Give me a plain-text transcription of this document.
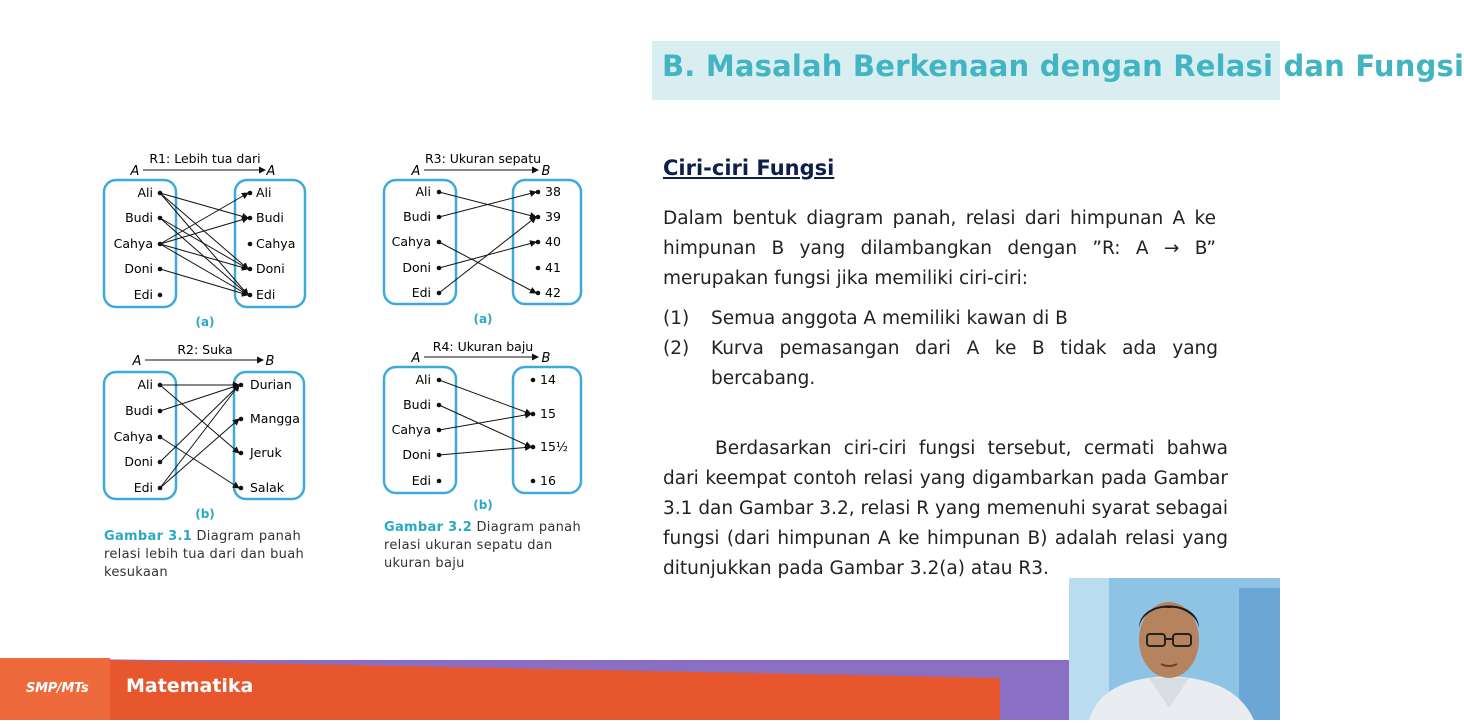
B. Masalah Berkenaan dengan Relasi dan Fungsi
A
R1: Lebih tua dari
A
Ali
Budi
Cahya
Doni
Edi
Ali
Budi
Cahya
Doni
Edi
(a)
A
R2: Suka
B
Ali
Budi
Cahya
Doni
Edi
Durian
Mangga
Jeruk
Salak
(b)
Gambar 3.1 Diagram panah relasi lebih tua dari dan buah kesukaan
A
R3: Ukuran sepatu
B
Ali
Budi
Cahya
Doni
Edi
38
39
40
41
42
(a)
A
R4: Ukuran baju
B
Ali
Budi
Cahya
Doni
Edi
14
15
15½
16
(b)
Gambar 3.2 Diagram panah relasi ukuran sepatu dan ukuran baju
Ciri-ciri Fungsi
Dalam bentuk diagram panah, relasi dari himpunan A ke himpunan B yang dilambangkan dengan ”R: A → B” merupakan fungsi jika memiliki ciri-ciri:
(1) Semua anggota A memiliki kawan di B
(2) Kurva pemasangan dari A ke B tidak ada yang bercabang.
Berdasarkan ciri-ciri fungsi tersebut, cermati bahwa dari keempat contoh relasi yang digambarkan pada Gambar 3.1 dan Gambar 3.2, relasi R yang memenuhi syarat sebagai fungsi (dari himpunan A ke himpunan B) adalah relasi yang ditunjukkan pada Gambar 3.2(a) atau R3.
SMP/MTs Matematika
